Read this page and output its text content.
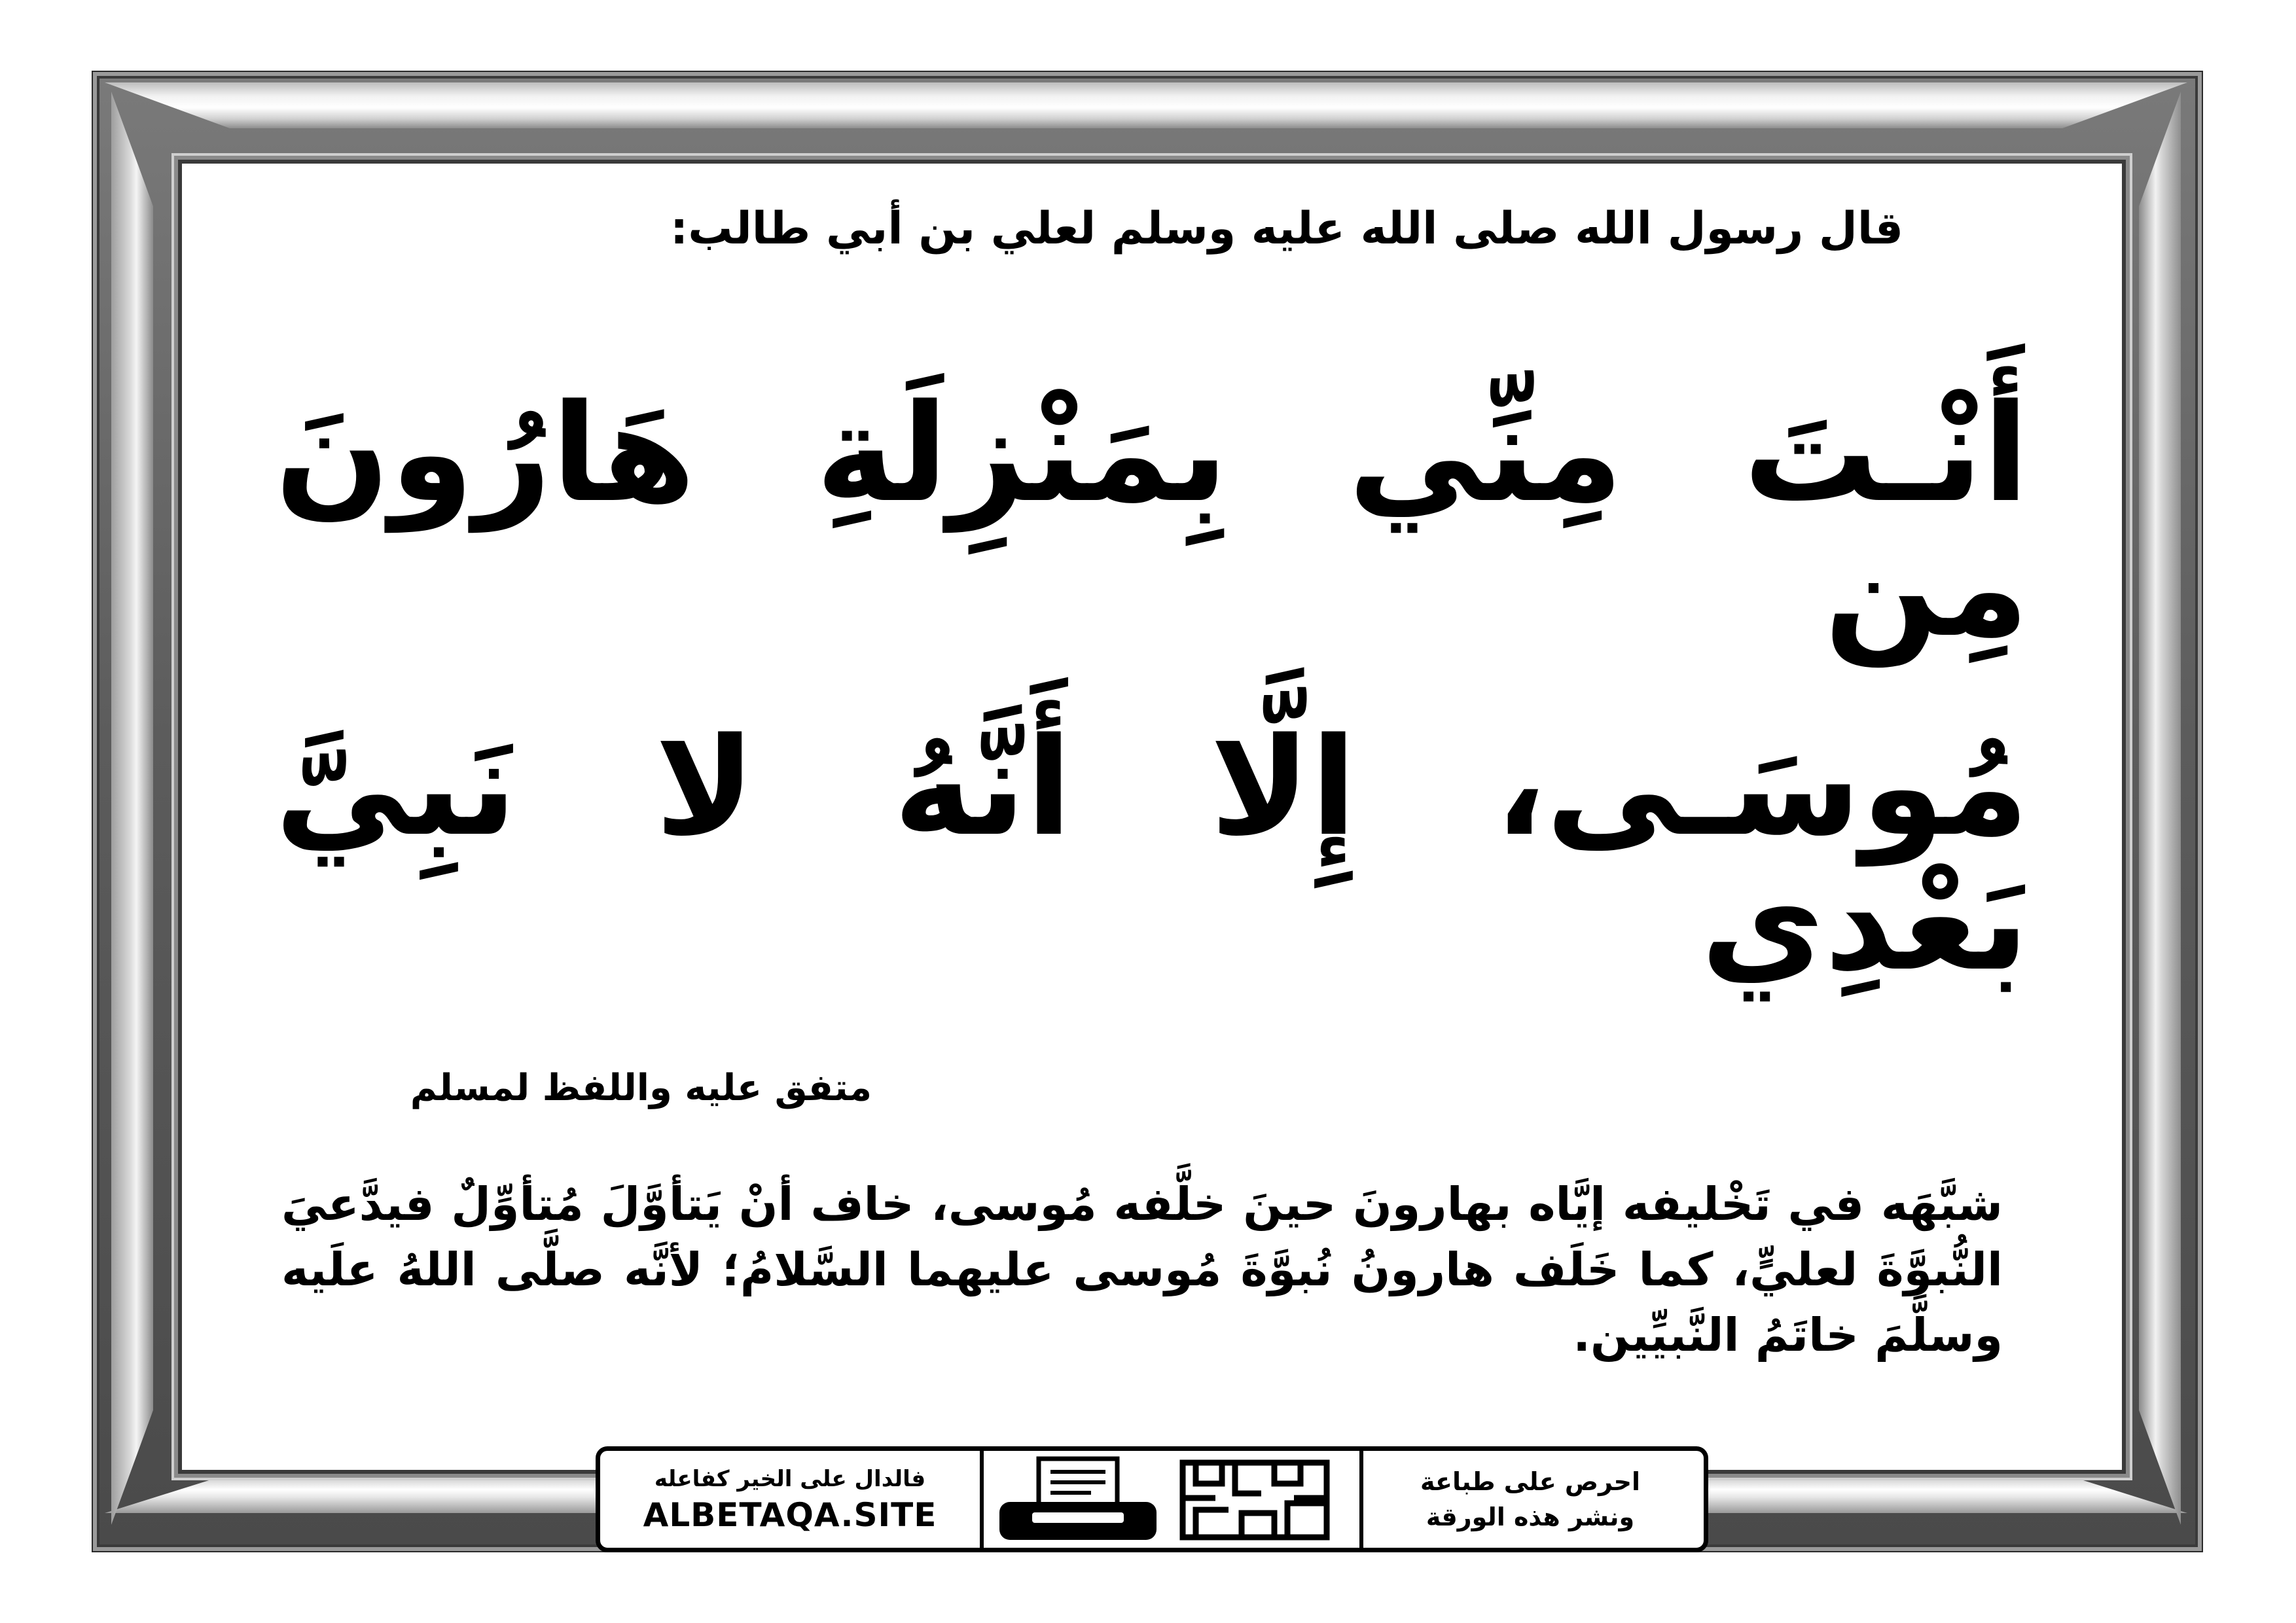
قال رسول الله صلى الله عليه وسلم لعلي بن أبي طالب:
أَنْـتَ مِنِّي بِمَنْزِلَةِ هَارُونَ مِن
مُوسَـى، إِلَّا أَنَّهُ لا نَبِيَّ بَعْدِي
متفق عليه واللفظ لمسلم
شبَّهَه في تَخْليفه إيَّاه بهارونَ حينَ خلَّفه مُوسى، خاف أنْ يَتأوَّلَ مُتأوِّلٌ فيدَّعيَ النُّبوَّةَ لعليٍّ، كما خَلَف هارونُ نُبوَّةَ مُوسى عليهما السَّلامُ؛ لأنَّه صلَّى اللهُ علَيه وسلَّمَ خاتَمُ النَّبيِّين.
احرص على طباعة
ونشر هذه الورقة
فالدال على الخير كفاعله
ALBETAQA.SITE
